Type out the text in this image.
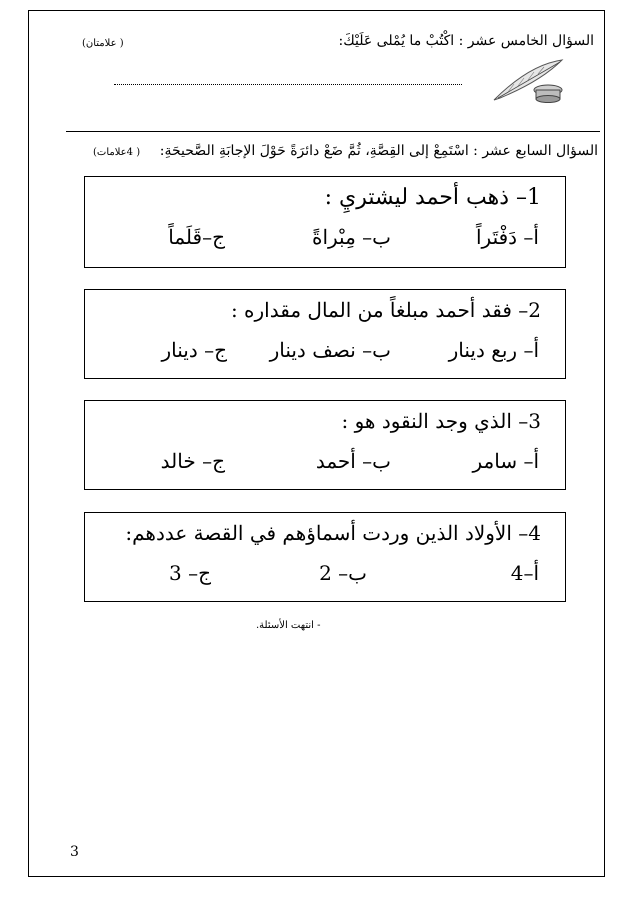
السؤال الخامس عشر : اكْتُبْ ما يُمْلى عَلَيْكَ:
( علامتان)
السؤال السابع عشر : اسْتَمِعْ إلى القِصَّةِ، ثُمَّ ضَعْ دائرَةً حَوْلَ الإجابَةِ الصَّحيحَةِ:
( 4علامات)
1– ذهب أحمد ليشتريِ :
أ– دَفْتَراً
ب– مِبْراةً
ج–قَلَماً
2– فقد أحمد مبلغاً من المال مقداره :
أ– ربع دينار
ب– نصف دينار
ج– دينار
3– الذي وجد النقود هو :
أ– سامر
ب– أحمد
ج– خالد
4– الأولاد الذين وردت أسماؤهم في القصة عددهم:
أ–4
ب– 2
ج– 3
- انتهت الأسئلة.
3
